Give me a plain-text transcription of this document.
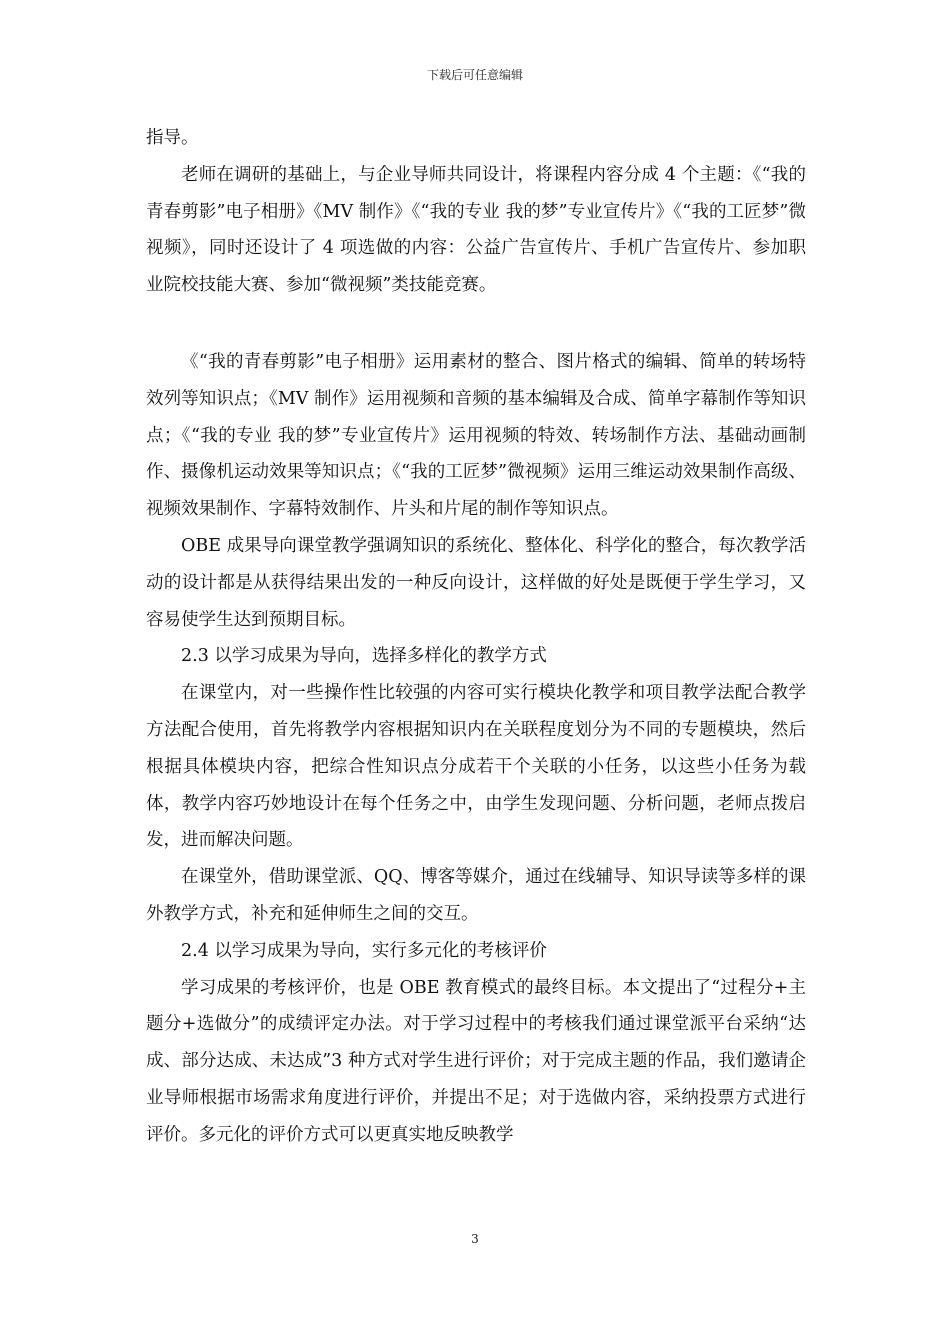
下载后可任意编辑

指导。

老师在调研的基础上，与企业导师共同设计，将课程内容分成 4 个主题：《“我的青春剪影”电子相册》《MV 制作》《“我的专业 我的梦”专业宣传片》《“我的工匠梦”微视频》，同时还设计了 4 项选做的内容：公益广告宣传片、手机广告宣传片、参加职业院校技能大赛、参加“微视频”类技能竞赛。

《“我的青春剪影”电子相册》运用素材的整合、图片格式的编辑、简单的转场特效列等知识点；《MV 制作》运用视频和音频的基本编辑及合成、简单字幕制作等知识点；《“我的专业 我的梦”专业宣传片》运用视频的特效、转场制作方法、基础动画制作、摄像机运动效果等知识点；《“我的工匠梦”微视频》运用三维运动效果制作高级、视频效果制作、字幕特效制作、片头和片尾的制作等知识点。

OBE 成果导向课堂教学强调知识的系统化、整体化、科学化的整合，每次教学活动的设计都是从获得结果出发的一种反向设计，这样做的好处是既便于学生学习，又容易使学生达到预期目标。

2.3 以学习成果为导向，选择多样化的教学方式

在课堂内，对一些操作性比较强的内容可实行模块化教学和项目教学法配合教学方法配合使用，首先将教学内容根据知识内在关联程度划分为不同的专题模块，然后根据具体模块内容，把综合性知识点分成若干个关联的小任务，以这些小任务为载体，教学内容巧妙地设计在每个任务之中，由学生发现问题、分析问题，老师点拨启发，进而解决问题。

在课堂外，借助课堂派、QQ、博客等媒介，通过在线辅导、知识导读等多样的课外教学方式，补充和延伸师生之间的交互。

2.4 以学习成果为导向，实行多元化的考核评价

学习成果的考核评价，也是 OBE 教育模式的最终目标。本文提出了“过程分+主题分+选做分”的成绩评定办法。对于学习过程中的考核我们通过课堂派平台采纳“达成、部分达成、未达成”3 种方式对学生进行评价；对于完成主题的作品，我们邀请企业导师根据市场需求角度进行评价，并提出不足；对于选做内容，采纳投票方式进行评价。多元化的评价方式可以更真实地反映教学

3
